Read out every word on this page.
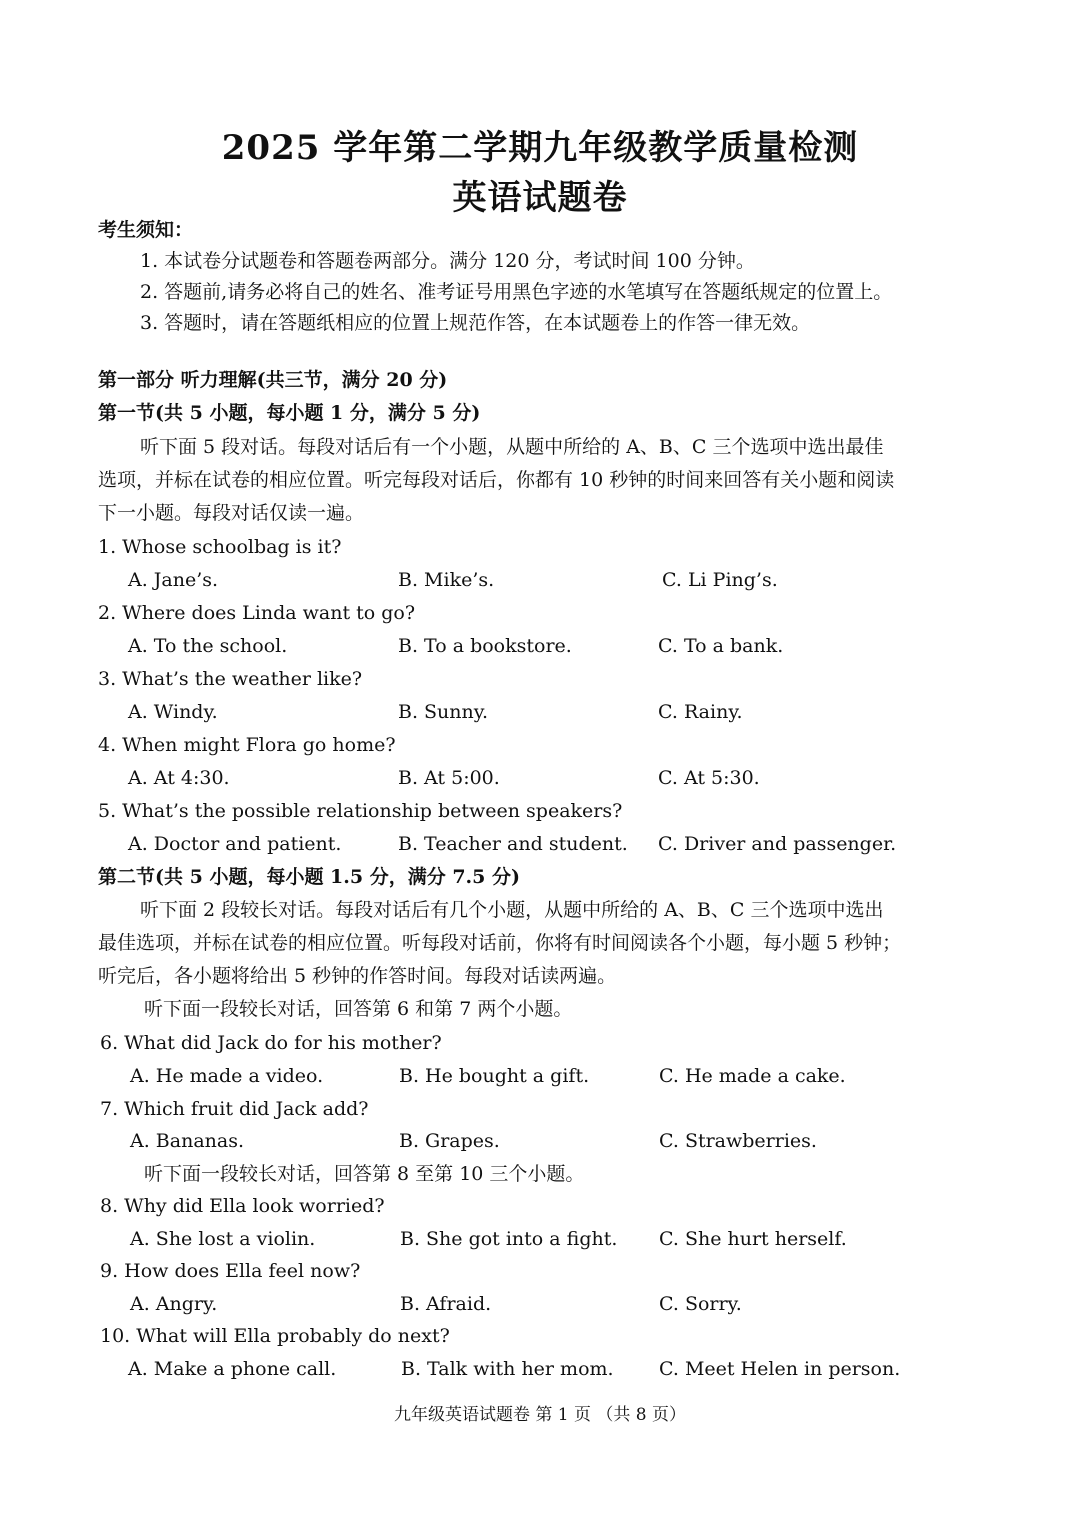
2025 学年第二学期九年级教学质量检测
英语试题卷
考生须知：
1. 本试卷分试题卷和答题卷两部分。满分 120 分，考试时间 100 分钟。
2. 答题前,请务必将自己的姓名、准考证号用黑色字迹的水笔填写在答题纸规定的位置上。
3. 答题时，请在答题纸相应的位置上规范作答，在本试题卷上的作答一律无效。
第一部分 听力理解(共三节，满分 20 分)
第一节(共 5 小题，每小题 1 分，满分 5 分)
听下面 5 段对话。每段对话后有一个小题，从题中所给的 A、B、C 三个选项中选出最佳
选项，并标在试卷的相应位置。听完每段对话后，你都有 10 秒钟的时间来回答有关小题和阅读
下一小题。每段对话仅读一遍。
1. Whose schoolbag is it?
A. Jane’s.	B. Mike’s.	C. Li Ping’s.
2. Where does Linda want to go?
A. To the school.	B. To a bookstore.	C. To a bank.
3. What’s the weather like?
A. Windy.	B. Sunny.	C. Rainy.
4. When might Flora go home?
A. At 4:30.	B. At 5:00.	C. At 5:30.
5. What’s the possible relationship between speakers?
A. Doctor and patient.	B. Teacher and student. C. Driver and passenger.
第二节(共 5 小题，每小题 1.5 分，满分 7.5 分)
听下面 2 段较长对话。每段对话后有几个小题，从题中所给的 A、B、C 三个选项中选出
最佳选项，并标在试卷的相应位置。听每段对话前，你将有时间阅读各个小题，每小题 5 秒钟；
听完后，各小题将给出 5 秒钟的作答时间。每段对话读两遍。
听下面一段较长对话，回答第 6 和第 7 两个小题。
6. What did Jack do for his mother?
A. He made a video.	B. He bought a gift.	C. He made a cake.
7. Which fruit did Jack add?
A. Bananas.	B. Grapes.	C. Strawberries.
听下面一段较长对话，回答第 8 至第 10 三个小题。
8. Why did Ella look worried?
A. She lost a violin.	B. She got into a fight. C. She hurt herself.
9. How does Ella feel now?
A. Angry.	B. Afraid.	C. Sorry.
10. What will Ella probably do next?
A. Make a phone call.	B. Talk with her mom. C. Meet Helen in person.
九年级英语试题卷 第 1 页 （共 8 页）
